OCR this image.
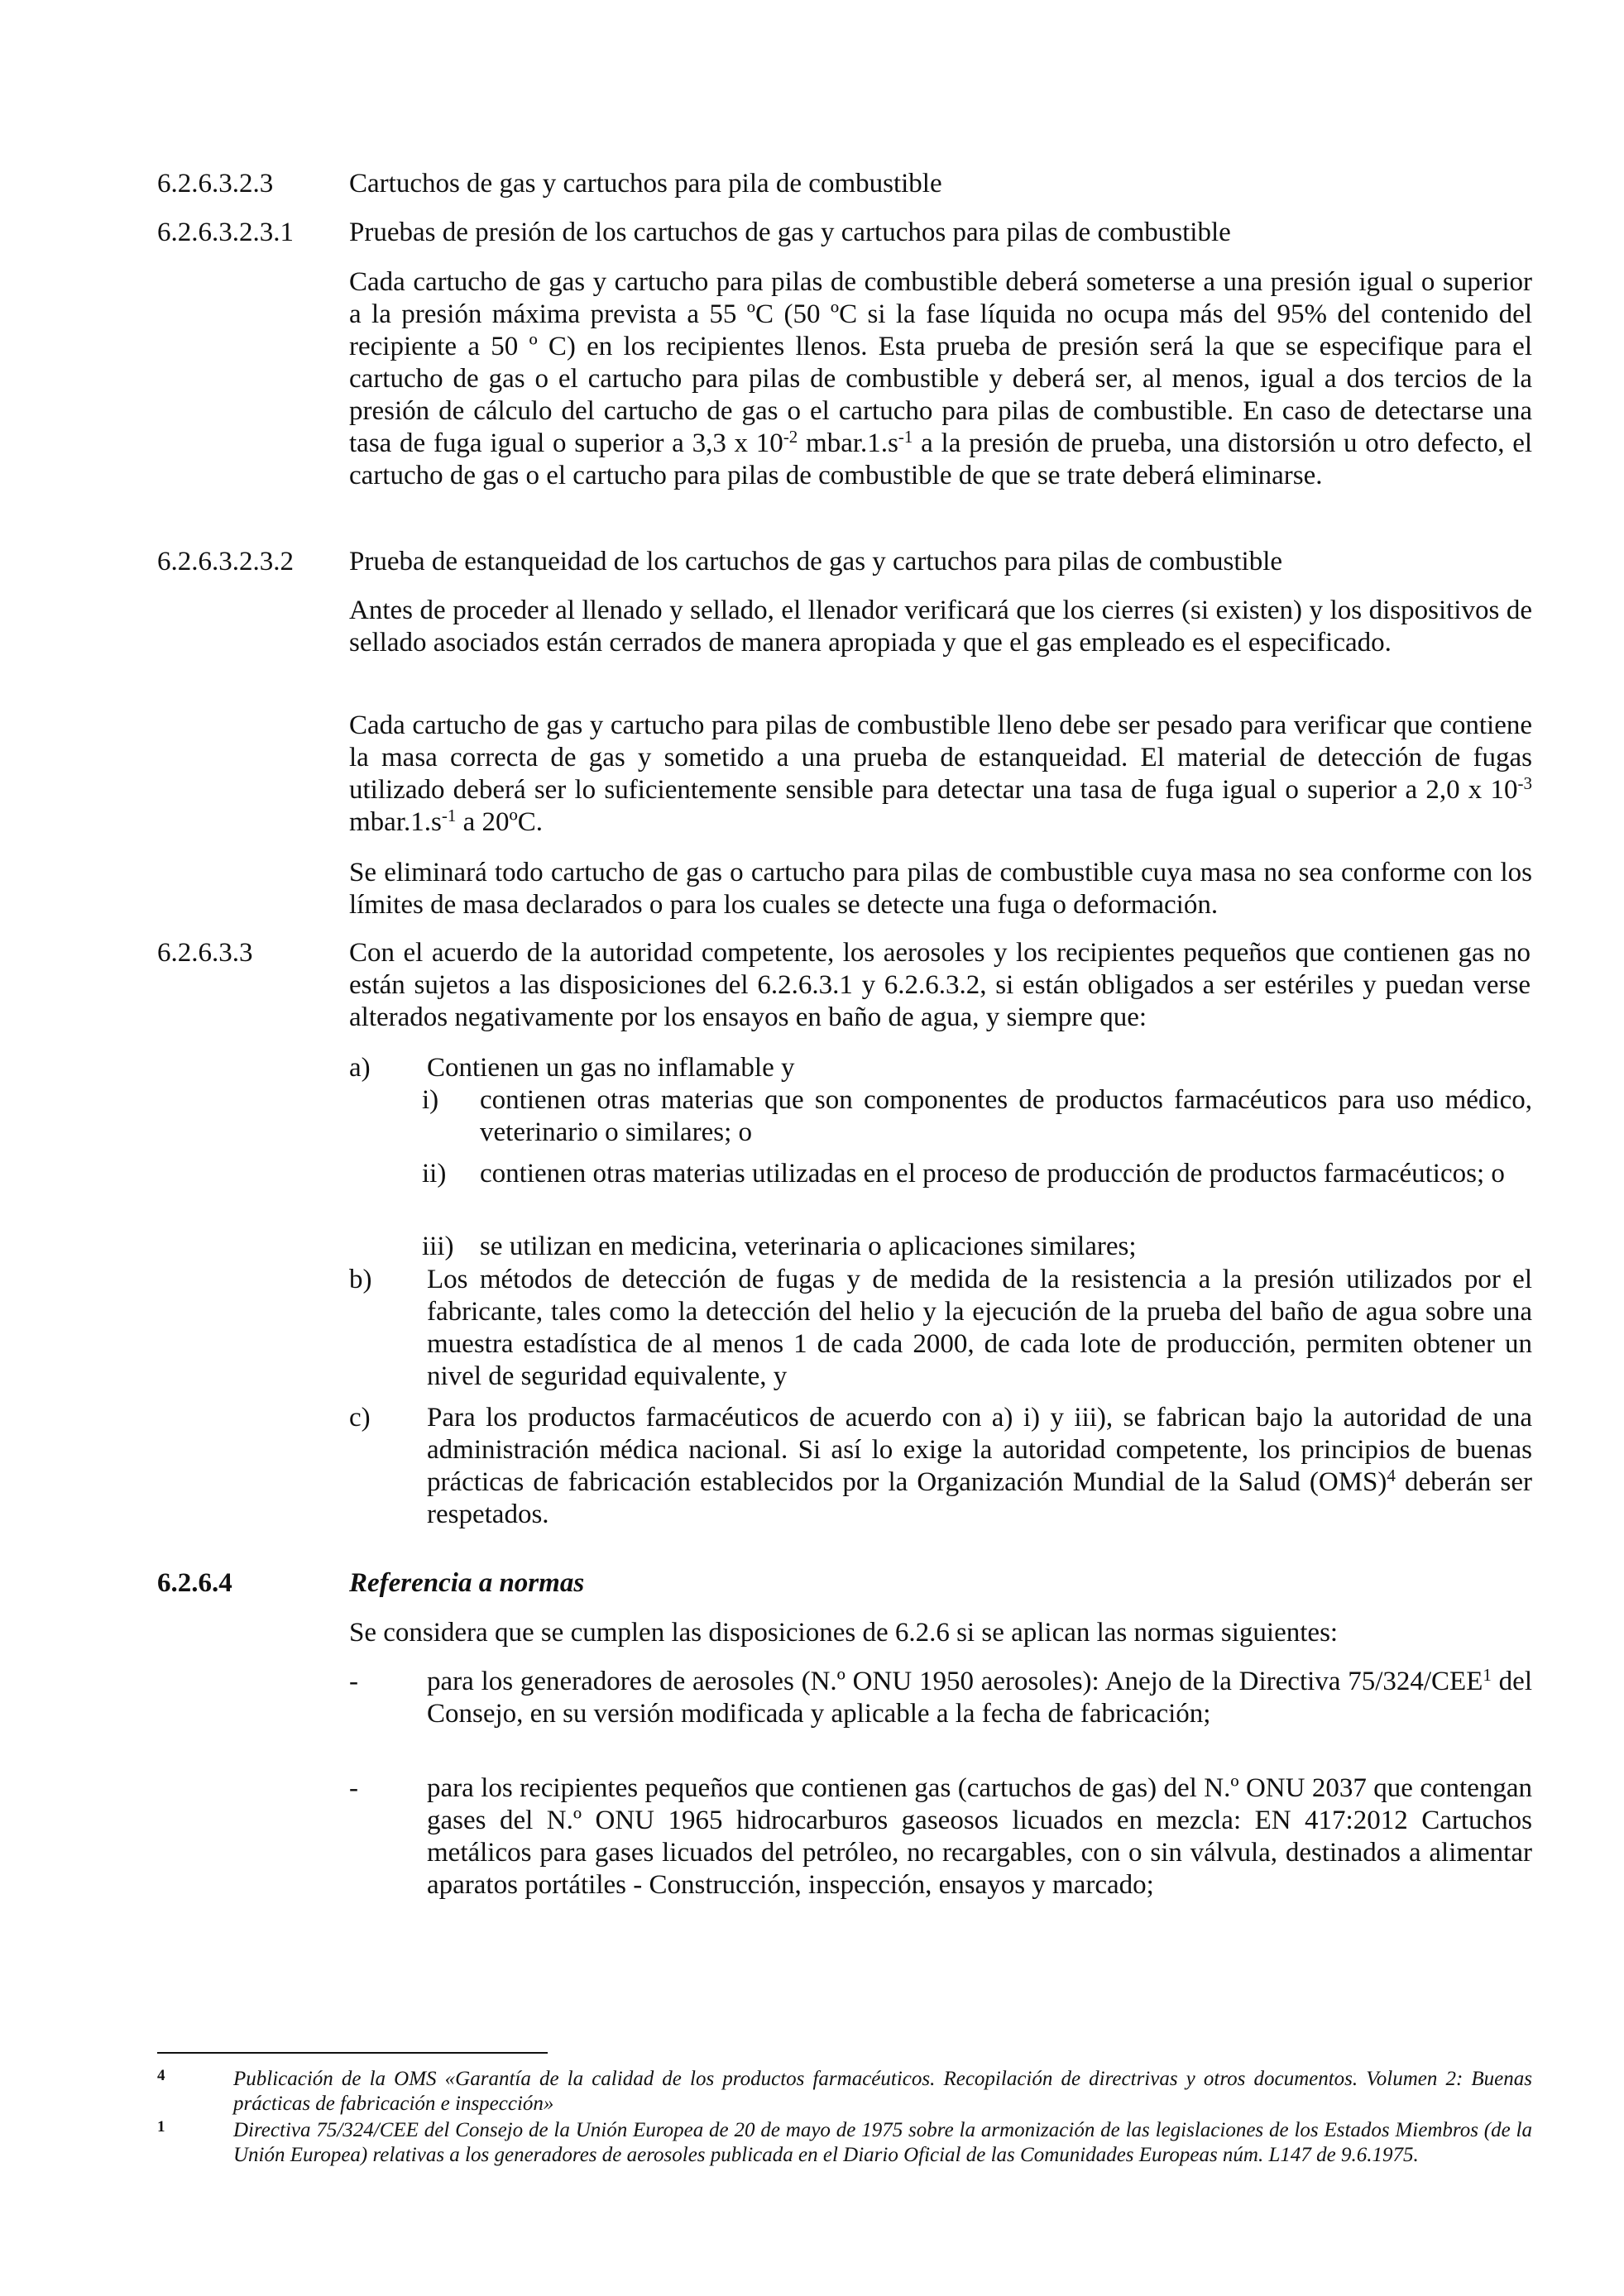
6.2.6.3.2.3	Cartuchos de gas y cartuchos para pila de combustible
6.2.6.3.2.3.1	Pruebas de presión de los cartuchos de gas y cartuchos para pilas de combustible
Cada cartucho de gas y cartucho para pilas de combustible deberá someterse a una presión igual o superior a la presión máxima prevista a 55 ºC (50 ºC si la fase líquida no ocupa más del 95% del contenido del recipiente a 50 º C) en los recipientes llenos. Esta prueba de presión será la que se especifique para el cartucho de gas o el cartucho para pilas de combustible y deberá ser, al menos, igual a dos tercios de la presión de cálculo del cartucho de gas o el cartucho para pilas de combustible. En caso de detectarse una tasa de fuga igual o superior a 3,3 x $10^{-2}$ $mbar.1.s^{-1}$ a la presión de prueba, una distorsión u otro defecto, el cartucho de gas o el cartucho para pilas de combustible de que se trate deberá eliminarse.
6.2.6.3.2.3.2	Prueba de estanqueidad de los cartuchos de gas y cartuchos para pilas de combustible
Antes de proceder al llenado y sellado, el llenador verificará que los cierres (si existen) y los dispositivos de sellado asociados están cerrados de manera apropiada y que el gas empleado es el especificado.
Cada cartucho de gas y cartucho para pilas de combustible lleno debe ser pesado para verificar que contiene la masa correcta de gas y sometido a una prueba de estanqueidad. El material de detección de fugas utilizado deberá ser lo suficientemente sensible para detectar una tasa de fuga igual o superior a 2,0 x $10^{-3}$ $mbar.1.s^{-1}$ a 20ºC.
Se eliminará todo cartucho de gas o cartucho para pilas de combustible cuya masa no sea conforme con los límites de masa declarados o para los cuales se detecte una fuga o deformación.
6.2.6.3.3	Con el acuerdo de la autoridad competente, los aerosoles y los recipientes pequeños que contienen gas no están sujetos a las disposiciones del 6.2.6.3.1 y 6.2.6.3.2, si están obligados a ser estériles y puedan verse alterados negativamente por los ensayos en baño de agua, y siempre que:
a) Contienen un gas no inflamable y
i) contienen otras materias que son componentes de productos farmacéuticos para uso médico, veterinario o similares; o
ii) contienen otras materias utilizadas en el proceso de producción de productos farmacéuticos; o
iii) se utilizan en medicina, veterinaria o aplicaciones similares;
b) Los métodos de detección de fugas y de medida de la resistencia a la presión utilizados por el fabricante, tales como la detección del helio y la ejecución de la prueba del baño de agua sobre una muestra estadística de al menos 1 de cada 2000, de cada lote de producción, permiten obtener un nivel de seguridad equivalente, y
c) Para los productos farmacéuticos de acuerdo con a) i) y iii), se fabrican bajo la autoridad de una administración médica nacional. Si así lo exige la autoridad competente, los principios de buenas prácticas de fabricación establecidos por la Organización Mundial de la Salud (OMS)$^4$ deberán ser respetados.
6.2.6.4	Referencia a normas
Se considera que se cumplen las disposiciones de 6.2.6 si se aplican las normas siguientes:
-	para los generadores de aerosoles (N.º ONU 1950 aerosoles): Anejo de la Directiva 75/324/CEE$^1$ del Consejo, en su versión modificada y aplicable a la fecha de fabricación;
-	para los recipientes pequeños que contienen gas (cartuchos de gas) del N.º ONU 2037 que contengan gases del N.º ONU 1965 hidrocarburos gaseosos licuados en mezcla: EN 417:2012 Cartuchos metálicos para gases licuados del petróleo, no recargables, con o sin válvula, destinados a alimentar aparatos portátiles - Construcción, inspección, ensayos y marcado;
4	Publicación de la OMS «Garantía de la calidad de los productos farmacéuticos. Recopilación de directrivas y otros documentos. Volumen 2: Buenas prácticas de fabricación e inspección»
1	Directiva 75/324/CEE del Consejo de la Unión Europea de 20 de mayo de 1975 sobre la armonización de las legislaciones de los Estados Miembros (de la Unión Europea) relativas a los generadores de aerosoles publicada en el Diario Oficial de las Comunidades Europeas núm. L147 de 9.6.1975.
